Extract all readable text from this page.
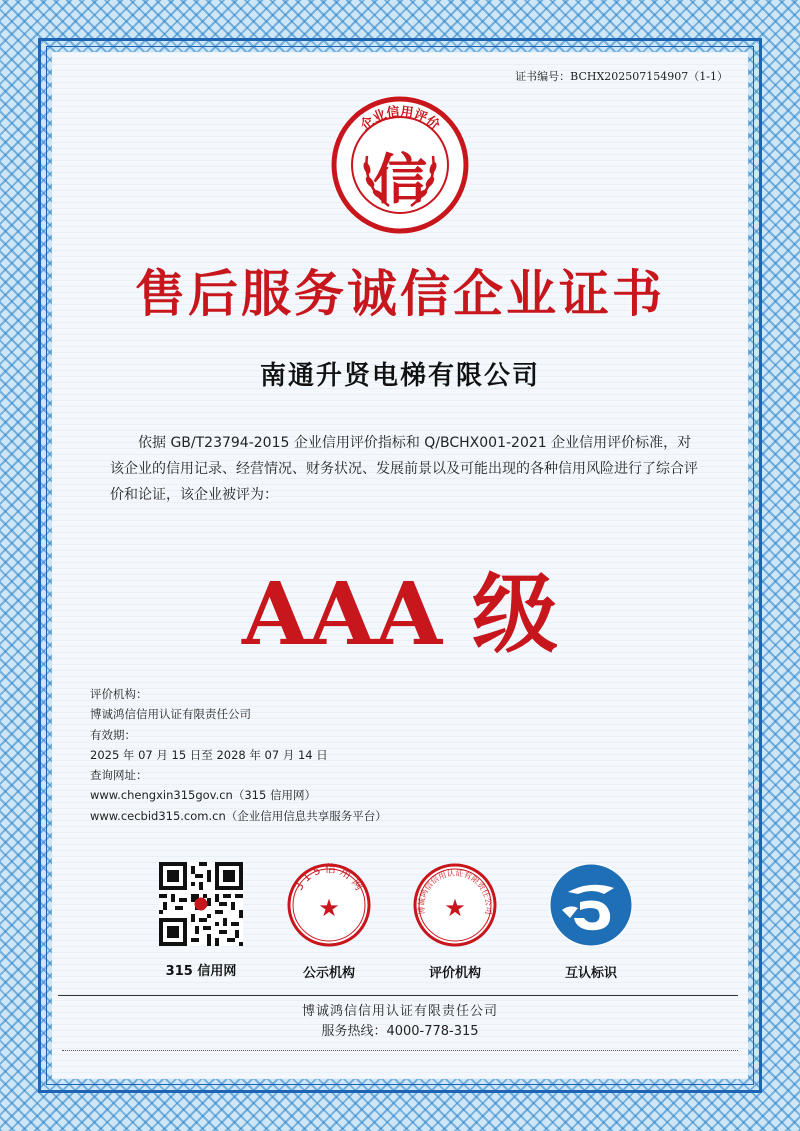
证书编号：BCHX202507154907（1-1）
企业信用评价
信
售后服务诚信企业证书
南通升贤电梯有限公司
依据 GB/T23794-2015 企业信用评价指标和 Q/BCHX001-2021 企业信用评价标准，对该企业的信用记录、经营情况、财务状况、发展前景以及可能出现的各种信用风险进行了综合评价和论证，该企业被评为：
AAA 级
评价机构：
博诚鸿信信用认证有限责任公司
有效期：
2025 年 07 月 15 日至 2028 年 07 月 14 日
查询网址：
www.chengxin315gov.cn（315 信用网）
www.cecbid315.com.cn（企业信用信息共享服务平台）
315 信用网
3 1 5 信 用 网
★
公示机构
博诚鸿信信用认证有限责任公司
★
评价机构	互认标识
博诚鸿信信用认证有限责任公司
服务热线：4000-778-315
